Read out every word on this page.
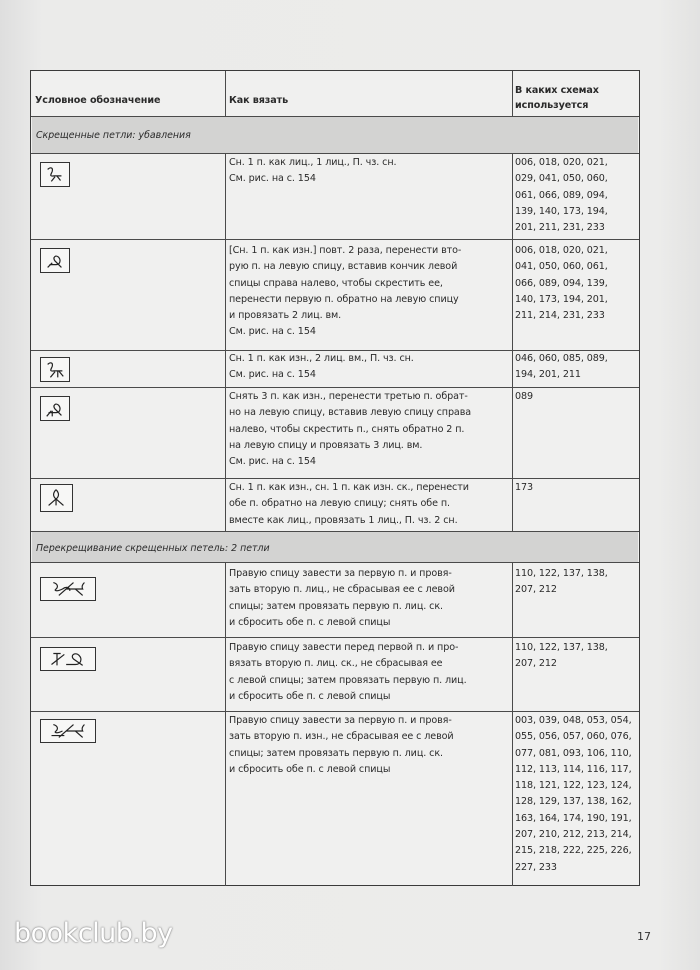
Условное обозначение	Как вязать
В каких схемах
используется
Скрещенные петли: убавления
Сн. 1 п. как лиц., 1 лиц., П. чз. сн.
См. рис. на с. 154
006, 018, 020, 021,
029, 041, 050, 060,
061, 066, 089, 094,
139, 140, 173, 194,
201, 211, 231, 233
[Сн. 1 п. как изн.] повт. 2 раза, перенести вто-
рую п. на левую спицу, вставив кончик левой
спицы справа налево, чтобы скрестить ее,
перенести первую п. обратно на левую спицу
и провязать 2 лиц. вм.
См. рис. на с. 154
006, 018, 020, 021,
041, 050, 060, 061,
066, 089, 094, 139,
140, 173, 194, 201,
211, 214, 231, 233
Сн. 1 п. как изн., 2 лиц. вм., П. чз. сн.
См. рис. на с. 154
046, 060, 085, 089,
194, 201, 211
Снять 3 п. как изн., перенести третью п. обрат-
но на левую спицу, вставив левую спицу справа
налево, чтобы скрестить п., снять обратно 2 п.
на левую спицу и провязать 3 лиц. вм.
См. рис. на с. 154
089
Сн. 1 п. как изн., сн. 1 п. как изн. ск., перенести
обе п. обратно на левую спицу; снять обе п.
вместе как лиц., провязать 1 лиц., П. чз. 2 сн.
173
Перекрещивание скрещенных петель: 2 петли
Правую спицу завести за первую п. и провя-
зать вторую п. лиц., не сбрасывая ее с левой
спицы; затем провязать первую п. лиц. ск.
и сбросить обе п. с левой спицы
110, 122, 137, 138,
207, 212
Правую спицу завести перед первой п. и про-
вязать вторую п. лиц. ск., не сбрасывая ее
с левой спицы; затем провязать первую п. лиц.
и сбросить обе п. с левой спицы
110, 122, 137, 138,
207, 212
Правую спицу завести за первую п. и провя-
зать вторую п. изн., не сбрасывая ее с левой
спицы; затем провязать первую п. лиц. ск.
и сбросить обе п. с левой спицы
003, 039, 048, 053, 054,
055, 056, 057, 060, 076,
077, 081, 093, 106, 110,
112, 113, 114, 116, 117,
118, 121, 122, 123, 124,
128, 129, 137, 138, 162,
163, 164, 174, 190, 191,
207, 210, 212, 213, 214,
215, 218, 222, 225, 226,
227, 233
bookclub.by	17
